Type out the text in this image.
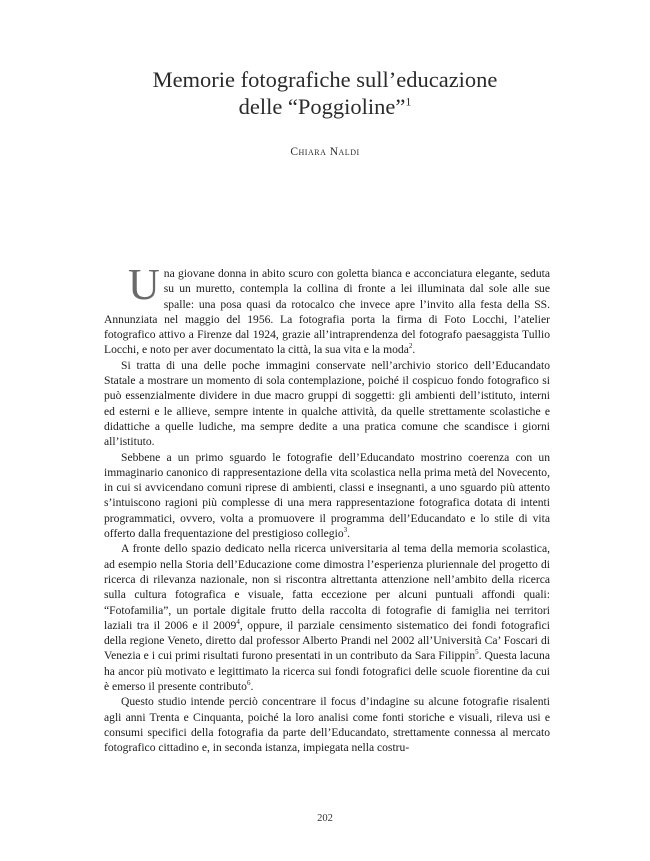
Memorie fotografiche sull’educazione
delle “Poggioline”$^1$
Chiara Naldi

Una giovane donna in abito scuro con goletta bianca e acconciatura elegante, seduta su un muretto, contempla la collina di fronte a lei illuminata dal sole alle sue spalle: una posa quasi da rotocalco che invece apre l’invito alla festa della SS. Annunziata nel maggio del 1956. La fotografia porta la firma di Foto Locchi, l’atelier fotografico attivo a Firenze dal 1924, grazie all’intraprendenza del fotografo paesaggista Tullio Locchi, e noto per aver documentato la città, la sua vita e la moda$^2$.

Si tratta di una delle poche immagini conservate nell’archivio storico dell’Educandato Statale a mostrare un momento di sola contemplazione, poiché il cospicuo fondo fotografico si può essenzialmente dividere in due macro gruppi di soggetti: gli ambienti dell’istituto, interni ed esterni e le allieve, sempre intente in qualche attività, da quelle strettamente scolastiche e didattiche a quelle ludiche, ma sempre dedite a una pratica comune che scandisce i giorni all’istituto.

Sebbene a un primo sguardo le fotografie dell’Educandato mostrino coerenza con un immaginario canonico di rappresentazione della vita scolastica nella prima metà del Novecento, in cui si avvicendano comuni riprese di ambienti, classi e insegnanti, a uno sguardo più attento s’intuiscono ragioni più complesse di una mera rappresentazione fotografica dotata di intenti programmatici, ovvero, volta a promuovere il programma dell’Educandato e lo stile di vita offerto dalla frequentazione del prestigioso collegio$^3$.

A fronte dello spazio dedicato nella ricerca universitaria al tema della memoria scolastica, ad esempio nella Storia dell’Educazione come dimostra l’esperienza pluriennale del progetto di ricerca di rilevanza nazionale, non si riscontra altrettanta attenzione nell’ambito della ricerca sulla cultura fotografica e visuale, fatta eccezione per alcuni puntuali affondi quali: “Fotofamilia”, un portale digitale frutto della raccolta di fotografie di famiglia nei territori laziali tra il 2006 e il 2009$^4$, oppure, il parziale censimento sistematico dei fondi fotografici della regione Veneto, diretto dal professor Alberto Prandi nel 2002 all’Università Ca’ Foscari di Venezia e i cui primi risultati furono presentati in un contributo da Sara Filippin$^5$. Questa lacuna ha ancor più motivato e legittimato la ricerca sui fondi fotografici delle scuole fiorentine da cui è emerso il presente contributo$^6$.

Questo studio intende perciò concentrare il focus d’indagine su alcune fotografie risalenti agli anni Trenta e Cinquanta, poiché la loro analisi come fonti storiche e visuali, rileva usi e consumi specifici della fotografia da parte dell’Educandato, strettamente connessa al mercato fotografico cittadino e, in seconda istanza, impiegata nella costru-

202
